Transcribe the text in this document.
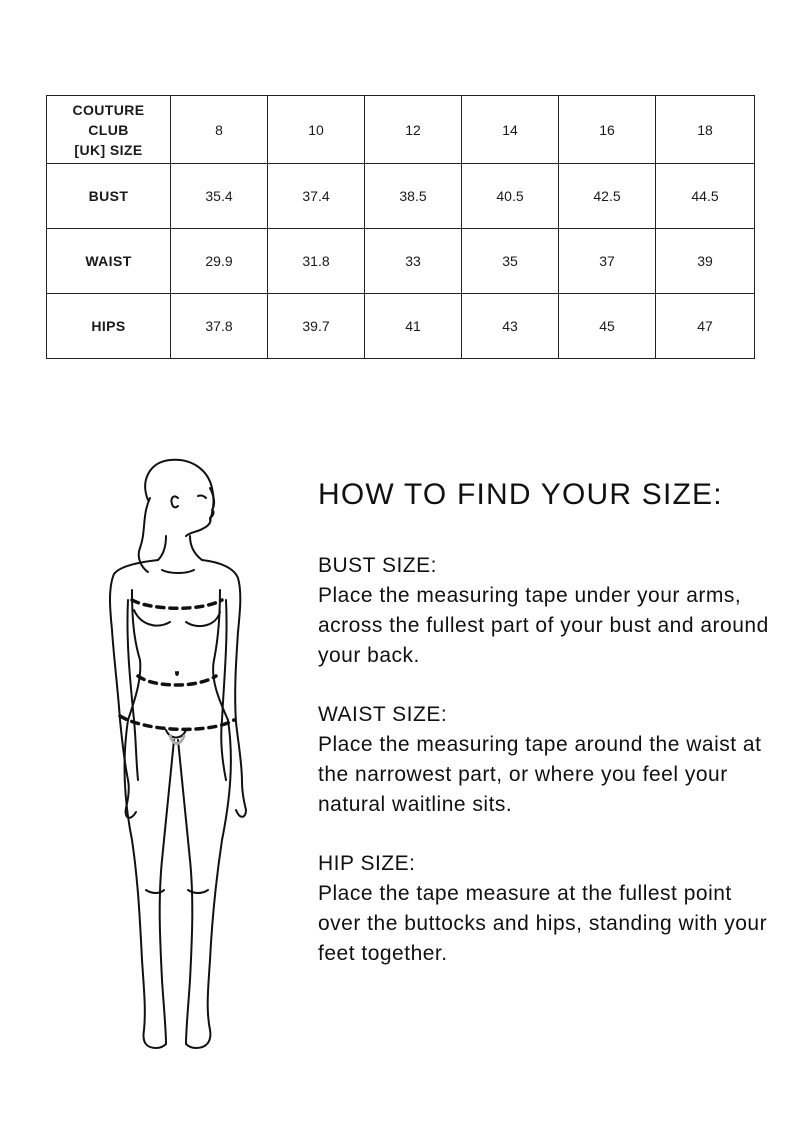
COUTURE
CLUB
[UK] SIZE	8	10	12	14	16	18
BUST	35.4	37.4	38.5	40.5	42.5	44.5
WAIST	29.9	31.8	33	35	37	39
HIPS	37.8	39.7	41	43	45	47
HOW TO FIND YOUR SIZE:
BUST SIZE:
Place the measuring tape under your arms, across the fullest part of your bust and around your back.
WAIST SIZE:
Place the measuring tape around the waist at the narrowest part, or where you feel your natural waitline sits.
HIP SIZE:
Place the tape measure at the fullest point over the buttocks and hips, standing with your feet together.
